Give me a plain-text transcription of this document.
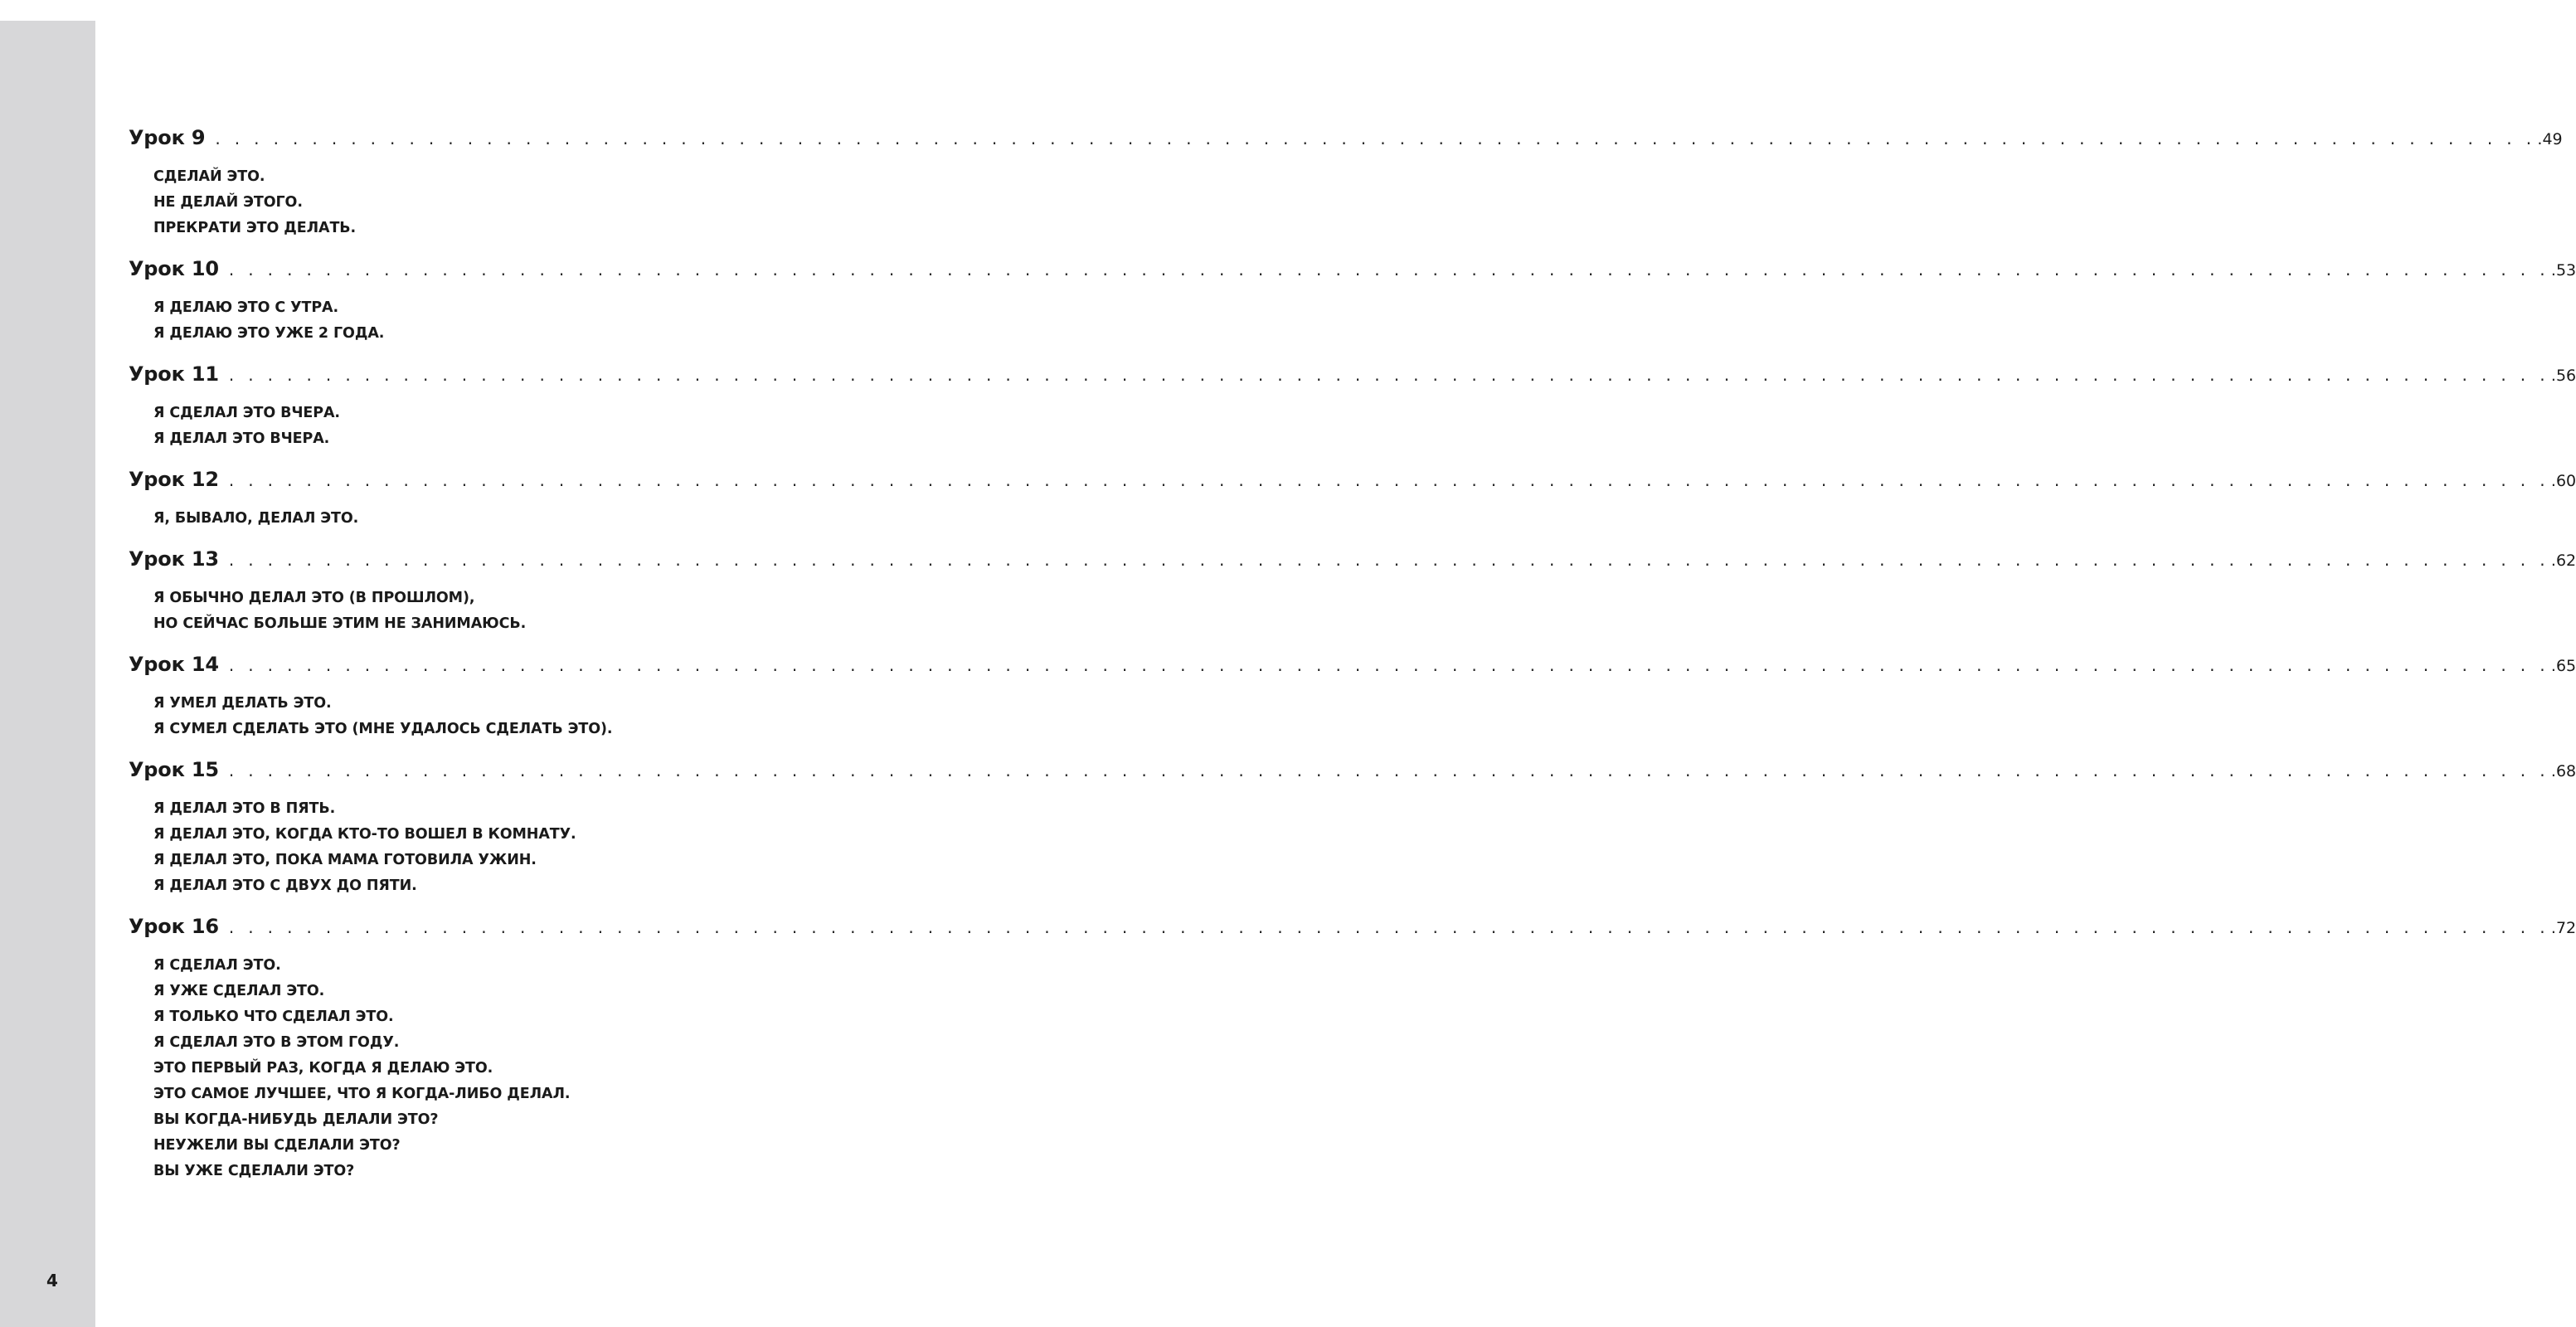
4
Урок 9 . . . . . . . . . . . . . . . . . . . . . . . . . . . . . . . . . . . . . . . . . . . . . . . . . . . . . . . . . . . . . . . . . . . . . . . . . . . . . . . . . . . . . . . . . . . . . . . . . . . . . . . . . . . . . . . . . . . . . . . . .49
СДЕЛАЙ ЭТО.
НЕ ДЕЛАЙ ЭТОГО.
ПРЕКРАТИ ЭТО ДЕЛАТЬ.
Урок 10 . . . . . . . . . . . . . . . . . . . . . . . . . . . . . . . . . . . . . . . . . . . . . . . . . . . . . . . . . . . . . . . . . . . . . . . . . . . . . . . . . . . . . . . . . . . . . . . . . . . . . . . . . . . . . . . . . . . . . . . . .53
Я ДЕЛАЮ ЭТО С УТРА.
Я ДЕЛАЮ ЭТО УЖЕ 2 ГОДА.
Урок 11 . . . . . . . . . . . . . . . . . . . . . . . . . . . . . . . . . . . . . . . . . . . . . . . . . . . . . . . . . . . . . . . . . . . . . . . . . . . . . . . . . . . . . . . . . . . . . . . . . . . . . . . . . . . . . . . . . . . . . . . . .56
Я СДЕЛАЛ ЭТО ВЧЕРА.
Я ДЕЛАЛ ЭТО ВЧЕРА.
Урок 12 . . . . . . . . . . . . . . . . . . . . . . . . . . . . . . . . . . . . . . . . . . . . . . . . . . . . . . . . . . . . . . . . . . . . . . . . . . . . . . . . . . . . . . . . . . . . . . . . . . . . . . . . . . . . . . . . . . . . . . . . .60
Я, БЫВАЛО, ДЕЛАЛ ЭТО.
Урок 13 . . . . . . . . . . . . . . . . . . . . . . . . . . . . . . . . . . . . . . . . . . . . . . . . . . . . . . . . . . . . . . . . . . . . . . . . . . . . . . . . . . . . . . . . . . . . . . . . . . . . . . . . . . . . . . . . . . . . . . . . .62
Я ОБЫЧНО ДЕЛАЛ ЭТО (В ПРОШЛОМ),
НО СЕЙЧАС БОЛЬШЕ ЭТИМ НЕ ЗАНИМАЮСЬ.
Урок 14 . . . . . . . . . . . . . . . . . . . . . . . . . . . . . . . . . . . . . . . . . . . . . . . . . . . . . . . . . . . . . . . . . . . . . . . . . . . . . . . . . . . . . . . . . . . . . . . . . . . . . . . . . . . . . . . . . . . . . . . . .65
Я УМЕЛ ДЕЛАТЬ ЭТО.
Я СУМЕЛ СДЕЛАТЬ ЭТО (МНЕ УДАЛОСЬ СДЕЛАТЬ ЭТО).
Урок 15 . . . . . . . . . . . . . . . . . . . . . . . . . . . . . . . . . . . . . . . . . . . . . . . . . . . . . . . . . . . . . . . . . . . . . . . . . . . . . . . . . . . . . . . . . . . . . . . . . . . . . . . . . . . . . . . . . . . . . . . . .68
Я ДЕЛАЛ ЭТО В ПЯТЬ.
Я ДЕЛАЛ ЭТО, КОГДА КТО-ТО ВОШЕЛ В КОМНАТУ.
Я ДЕЛАЛ ЭТО, ПОКА МАМА ГОТОВИЛА УЖИН.
Я ДЕЛАЛ ЭТО С ДВУХ ДО ПЯТИ.
Урок 16 . . . . . . . . . . . . . . . . . . . . . . . . . . . . . . . . . . . . . . . . . . . . . . . . . . . . . . . . . . . . . . . . . . . . . . . . . . . . . . . . . . . . . . . . . . . . . . . . . . . . . . . . . . . . . . . . . . . . . . . . .72
Я СДЕЛАЛ ЭТО.
Я УЖЕ СДЕЛАЛ ЭТО.
Я ТОЛЬКО ЧТО СДЕЛАЛ ЭТО.
Я СДЕЛАЛ ЭТО В ЭТОМ ГОДУ.
ЭТО ПЕРВЫЙ РАЗ, КОГДА Я ДЕЛАЮ ЭТО.
ЭТО САМОЕ ЛУЧШЕЕ, ЧТО Я КОГДА-ЛИБО ДЕЛАЛ.
ВЫ КОГДА-НИБУДЬ ДЕЛАЛИ ЭТО?
НЕУЖЕЛИ ВЫ СДЕЛАЛИ ЭТО?
ВЫ УЖЕ СДЕЛАЛИ ЭТО?
